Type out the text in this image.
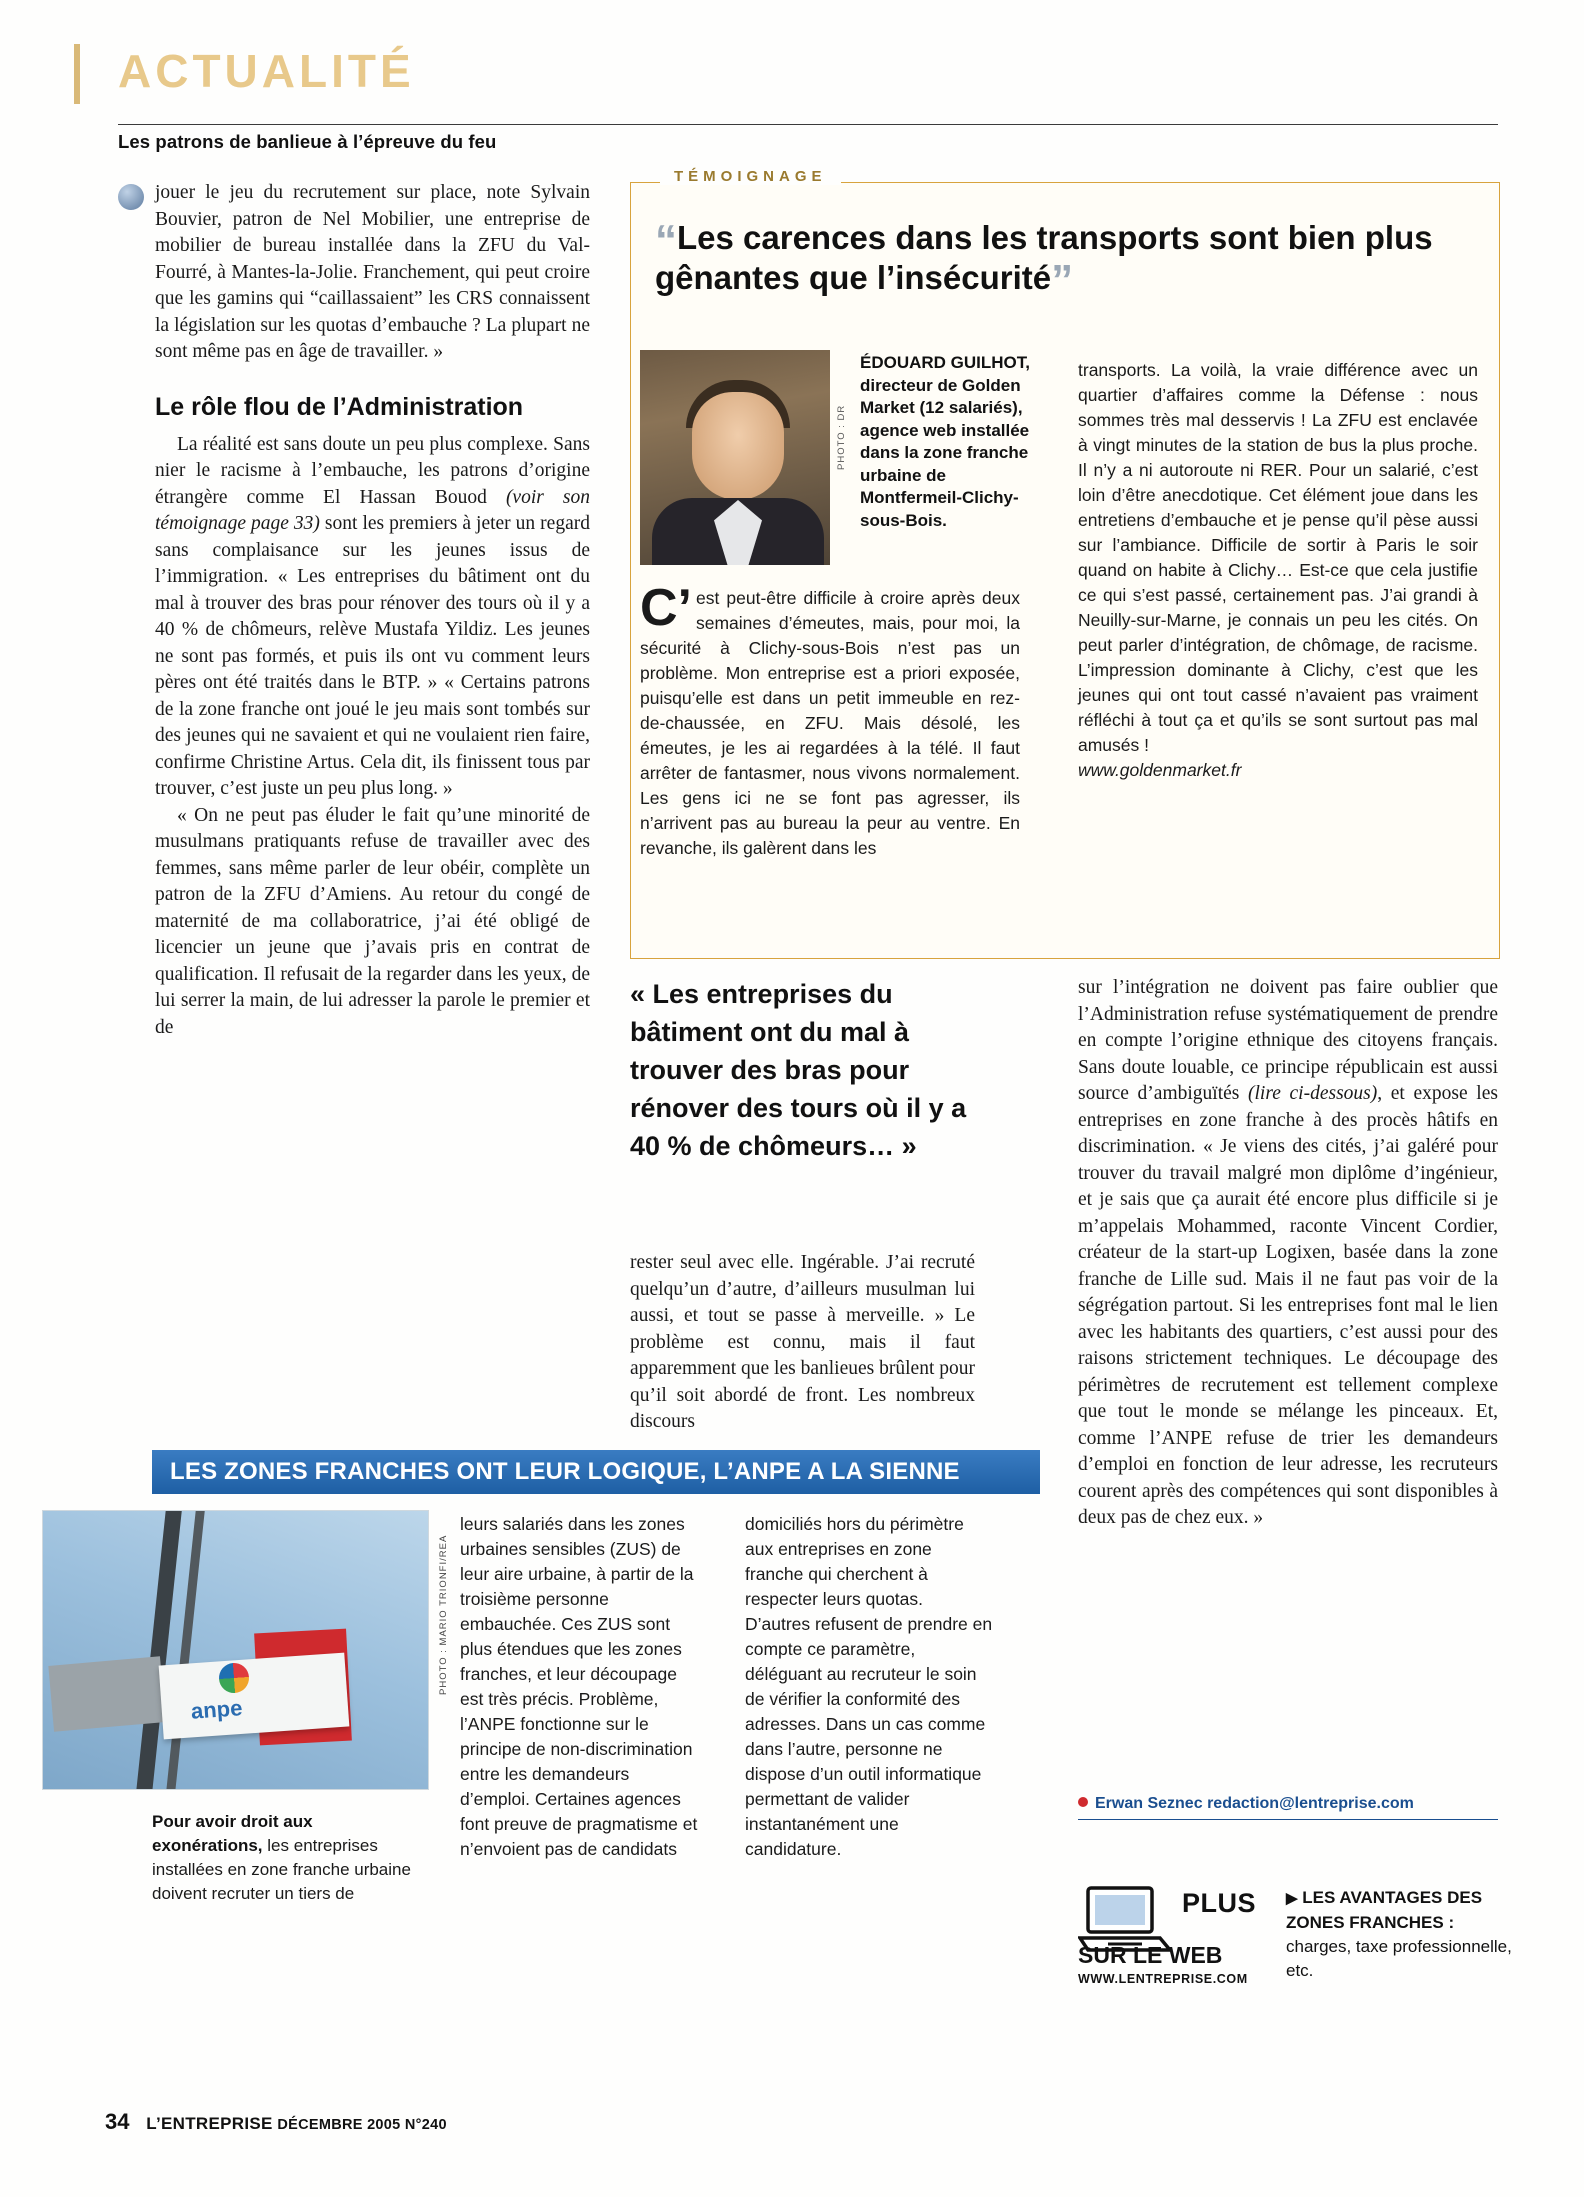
ACTUALITÉ
Les patrons de banlieue à l’épreuve du feu

jouer le jeu du recrutement sur place, note Sylvain Bouvier, patron de Nel Mobilier, une entreprise de mobilier de bureau installée dans la ZFU du Val-Fourré, à Mantes-la-Jolie. Franchement, qui peut croire que les gamins qui “caillassaient” les CRS connaissent la législation sur les quotas d’embauche ? La plupart ne sont même pas en âge de travailler. »

Le rôle flou de l’Administration

La réalité est sans doute un peu plus complexe. Sans nier le racisme à l’embauche, les patrons d’origine étrangère comme El Hassan Bouod (voir son témoignage page 33) sont les premiers à jeter un regard sans complaisance sur les jeunes issus de l’immigration. « Les entreprises du bâtiment ont du mal à trouver des bras pour rénover des tours où il y a 40 % de chômeurs, relève Mustafa Yildiz. Les jeunes ne sont pas formés, et puis ils ont vu comment leurs pères ont été traités dans le BTP. » « Certains patrons de la zone franche ont joué le jeu mais sont tombés sur des jeunes qui ne savaient et qui ne voulaient rien faire, confirme Christine Artus. Cela dit, ils finissent tous par trouver, c’est juste un peu plus long. »

« On ne peut pas éluder le fait qu’une minorité de musulmans pratiquants refuse de travailler avec des femmes, sans même parler de leur obéir, complète un patron de la ZFU d’Amiens. Au retour du congé de maternité de ma collaboratrice, j’ai été obligé de licencier un jeune que j’avais pris en contrat de qualification. Il refusait de la regarder dans les yeux, de lui serrer la main, de lui adresser la parole le premier et de

TÉMOIGNAGE
“Les carences dans les transports sont bien plus gênantes que l’insécurité”
PHOTO : DR
ÉDOUARD GUILHOT, directeur de Golden Market (12 salariés), agence web installée dans la zone franche urbaine de Montfermeil-Clichy-sous-Bois.
C’est peut-être difficile à croire après deux semaines d’émeutes, mais, pour moi, la sécurité à Clichy-sous-Bois n’est pas un problème. Mon entreprise est a priori exposée, puisqu’elle est dans un petit immeuble en rez-de-chaussée, en ZFU. Mais désolé, les émeutes, je les ai regardées à la télé. Il faut arrêter de fantasmer, nous vivons normalement. Les gens ici ne se font pas agresser, ils n’arrivent pas au bureau la peur au ventre. En revanche, ils galèrent dans les
transports. La voilà, la vraie différence avec un quartier d’affaires comme la Défense : nous sommes très mal desservis ! La ZFU est enclavée à vingt minutes de la station de bus la plus proche. Il n’y a ni autoroute ni RER. Pour un salarié, c’est loin d’être anecdotique. Cet élément joue dans les entretiens d’embauche et je pense qu’il pèse aussi sur l’ambiance. Difficile de sortir à Paris le soir quand on habite à Clichy… Est-ce que cela justifie ce qui s’est passé, certainement pas. J’ai grandi à Neuilly-sur-Marne, je connais un peu les cités. On peut parler d’intégration, de chômage, de racisme. L’impression dominante à Clichy, c’est que les jeunes qui ont tout cassé n’avaient pas vraiment réfléchi à tout ça et qu’ils se sont surtout pas mal amusés !
www.goldenmarket.fr
« Les entreprises du bâtiment ont du mal à trouver des bras pour rénover des tours où il y a 40 % de chômeurs… »

rester seul avec elle. Ingérable. J’ai recruté quelqu’un d’autre, d’ailleurs musulman lui aussi, et tout se passe à merveille. » Le problème est connu, mais il faut apparemment que les banlieues brûlent pour qu’il soit abordé de front. Les nombreux discours

sur l’intégration ne doivent pas faire oublier que l’Administration refuse systématiquement de prendre en compte l’origine ethnique des citoyens français. Sans doute louable, ce principe républicain est aussi source d’ambiguïtés (lire ci-dessous), et expose les entreprises en zone franche à des procès hâtifs en discrimination. « Je viens des cités, j’ai galéré pour trouver du travail malgré mon diplôme d’ingénieur, et je sais que ça aurait été encore plus difficile si je m’appelais Mohammed, raconte Vincent Cordier, créateur de la start-up Logixen, basée dans la zone franche de Lille sud. Mais il ne faut pas voir de la ségrégation partout. Si les entreprises font mal le lien avec les habitants des quartiers, c’est aussi pour des raisons strictement techniques. Le découpage des périmètres de recrutement est tellement complexe que tout le monde se mélange les pinceaux. Et, comme l’ANPE refuse de trier les demandeurs d’emploi en fonction de leur adresse, les recruteurs courent après des compétences qui sont disponibles à deux pas de chez eux. »

LES ZONES FRANCHES ONT LEUR LOGIQUE, L’ANPE A LA SIENNE
anpe
PHOTO : MARIO TRIONFI/REA
Pour avoir droit aux exonérations, les entreprises installées en zone franche urbaine doivent recruter un tiers de
leurs salariés dans les zones urbaines sensibles (ZUS) de leur aire urbaine, à partir de la troisième personne embauchée. Ces ZUS sont plus étendues que les zones franches, et leur découpage est très précis. Problème, l’ANPE fonctionne sur le principe de non-discrimination entre les demandeurs d’emploi. Certaines agences font preuve de pragmatisme et n’envoient pas de candidats
domiciliés hors du périmètre aux entreprises en zone franche qui cherchent à respecter leurs quotas. D’autres refusent de prendre en compte ce paramètre, déléguant au recruteur le soin de vérifier la conformité des adresses. Dans un cas comme dans l’autre, personne ne dispose d’un outil informatique permettant de valider instantanément une candidature.
Erwan Seznec redaction@lentreprise.com
PLUS
SUR LE WEB
WWW.LENTREPRISE.COM
▶ LES AVANTAGES DES ZONES FRANCHES : charges, taxe professionnelle, etc.
34 L’ENTREPRISE DÉCEMBRE 2005 N°240
